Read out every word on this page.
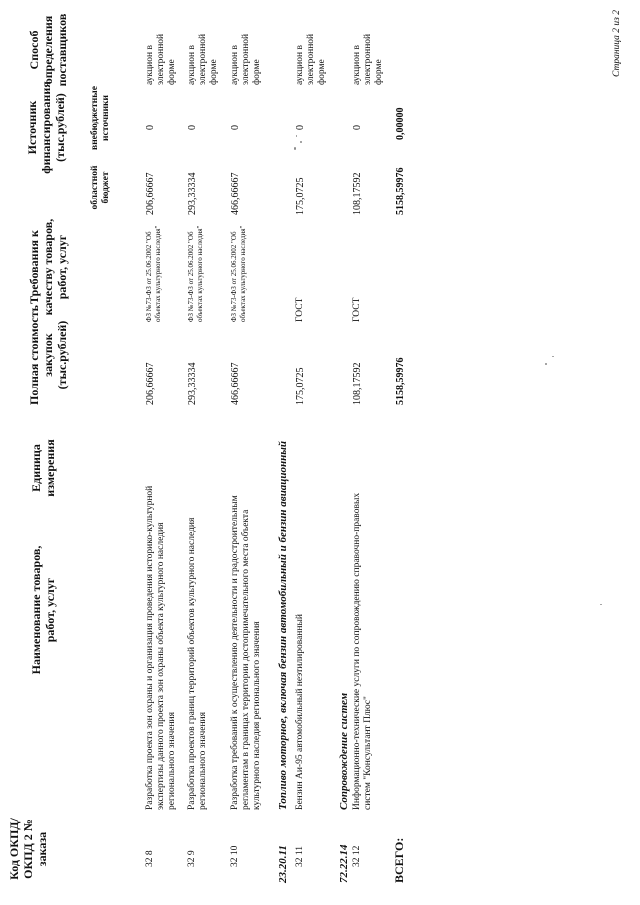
Код ОКПД/ ОКПД 2 № заказа
Наименование товаров, работ, услуг
Единица измерения
Полная стоимость закупок (тыс.рублей)
Требования к качеству товаров, работ, услуг
Источник финансирования (тыс.рублей)
областной бюджет
внебюджетные источники
Способ определения поставщиков
32 8
Разработка проекта зон охраны и организация проведения историко-культурной экспертизы данного проекта зон охраны объекта культурного наследия регионального значения
206,66667
ФЗ №73-ФЗ от 25.06.2002 "Об объектах культурного наследия"
206,66667
0
аукцион в электронной форме
32 9
Разработка проектов границ территорий объектов культурного наследия регионального значения
293,33334
ФЗ №73-ФЗ от 25.06.2002 "Об объектах культурного наследия"
293,33334
0
аукцион в электронной форме
32 10
Разработка требований к осуществлению деятельности и градостроительным регламентам в границах территории достопримечательного места объекта культурного наследия регионального значения
466,66667
ФЗ №73-ФЗ от 25.06.2002 "Об объектах культурного наследия"
466,66667
0
аукцион в электронной форме
23.20.11
Топливо моторное, включая бензин автомобильный и бензин авиационный
32 11
Бензин Аи-95 автомобильный неэтилированный
175,0725
ГОСТ
175,0725
0
аукцион в электронной форме
72.22.14
Сопровождение систем
32 12
Информационно-технические услуги по сопровождению справочно-правовых систем "Консультант Плюс"
108,17592
ГОСТ
108,17592
0
аукцион в электронной форме
ВСЕГО:
5158,59976
5158,59976
0,00000
Страница 2 из 2
